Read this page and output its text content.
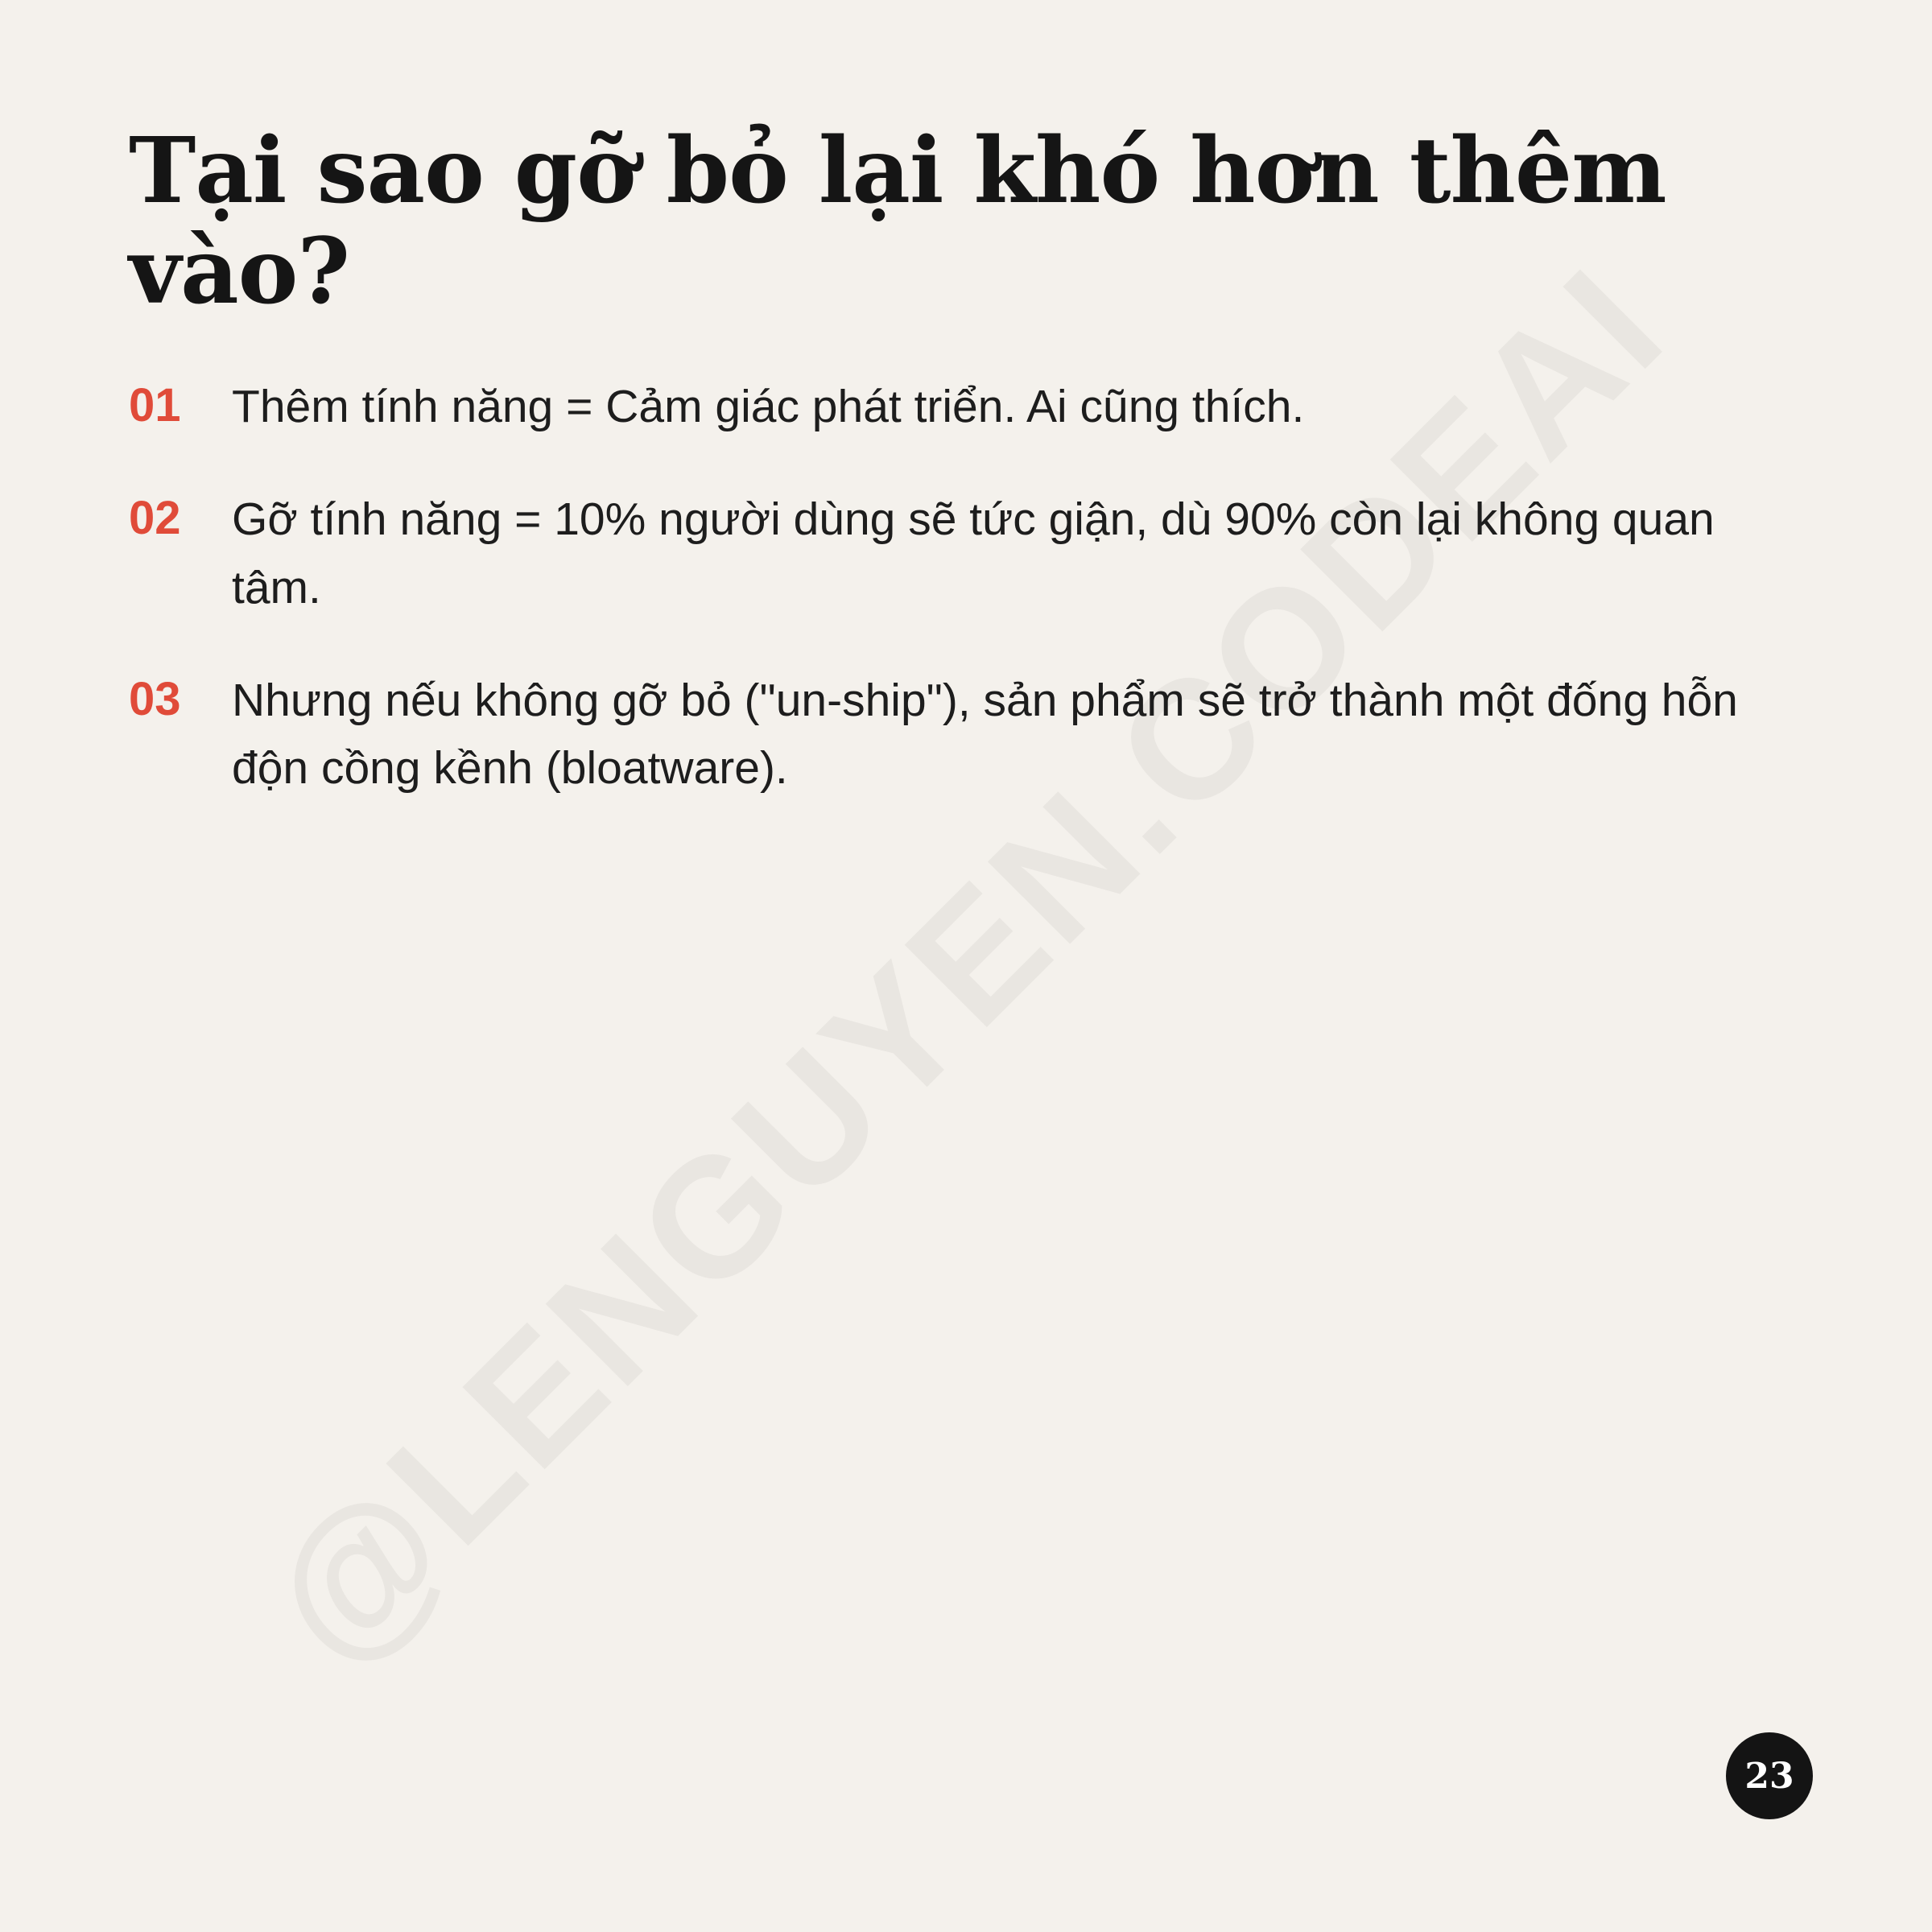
Tại sao gỡ bỏ lại khó hơn thêm vào?
01	Thêm tính năng = Cảm giác phát triển. Ai cũng thích.
02	Gỡ tính năng = 10% người dùng sẽ tức giận, dù 90% còn lại không quan tâm.
03	Nhưng nếu không gỡ bỏ ("un-ship"), sản phẩm sẽ trở thành một đống hỗn độn cồng kềnh (bloatware).
23
